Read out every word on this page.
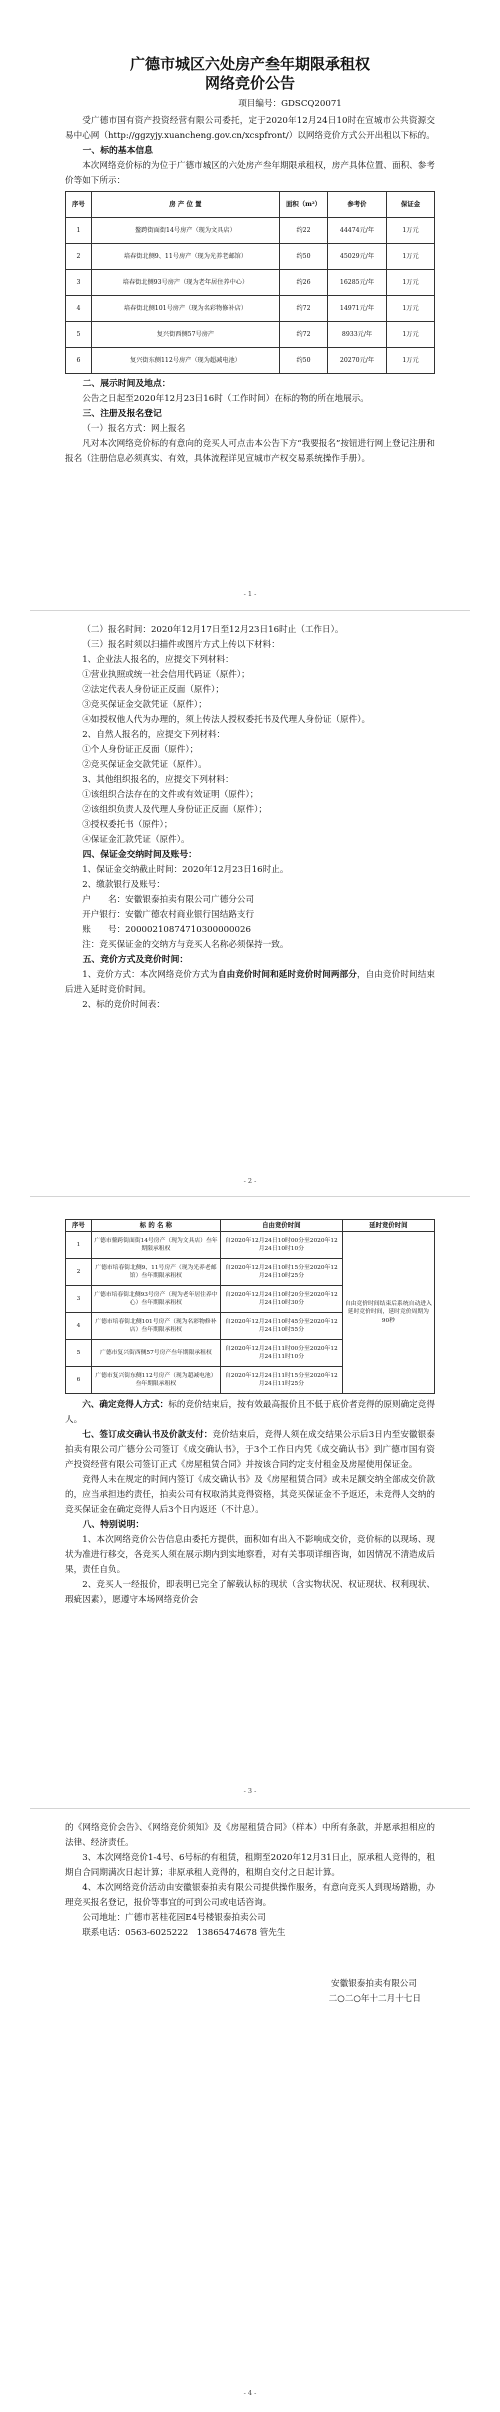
广德市城区六处房产叁年期限承租权

网络竞价公告

项目编号：GDSCQ20071

受广德市国有资产投资经营有限公司委托，定于2020年12月24日10时在宣城市公共资源交易中心网（http://ggzyjy.xuancheng.gov.cn/xcspfront/）以网络竞价方式公开出租以下标的。

一、标的基本信息

本次网络竞价标的为位于广德市城区的六处房产叁年期限承租权，房产具体位置、面积、参考价等如下所示：

序号	房 产 位 置	面积（m²）	参考价	保证金
1	鳌跨街面街14号房产（现为文具店）	约22	44474元/年	1万元
2	培春街北侧9、11号房产（现为光养老邮馆）	约50	45029元/年	1万元
3	培春街北侧93号房产（现为老年居住养中心）	约26	16285元/年	1万元
4	培春街北侧101号房产（现为名彩物修补店）	约72	14971元/年	1万元
5	复兴街西侧57号房产	约72	8933元/年	1万元
6	复兴街东侧112号房产（现为超减电池）	约50	20270元/年	1万元

二、展示时间及地点：

公告之日起至2020年12月23日16时（工作时间）在标的物的所在地展示。

三、注册及报名登记

（一）报名方式：网上报名

凡对本次网络竞价标的有意向的竞买人可点击本公告下方“我要报名”按钮进行网上登记注册和报名（注册信息必须真实、有效，具体流程详见宣城市产权交易系统操作手册）。

- 1 -

（二）报名时间：2020年12月17日至12月23日16时止（工作日）。

（三）报名时须以扫描件或图片方式上传以下材料：

1、企业法人报名的，应提交下列材料：

①营业执照或统一社会信用代码证（原件）；

②法定代表人身份证正反面（原件）；

③竞买保证金交款凭证（原件）；

④如授权他人代为办理的，须上传法人授权委托书及代理人身份证（原件）。

2、自然人报名的，应提交下列材料：

①个人身份证正反面（原件）；

②竞买保证金交款凭证（原件）。

3、其他组织报名的，应提交下列材料：

①该组织合法存在的文件或有效证明（原件）；

②该组织负责人及代理人身份证正反面（原件）；

③授权委托书（原件）；

④保证金汇款凭证（原件）。

四、保证金交纳时间及账号：

1、保证金交纳截止时间：2020年12月23日16时止。

2、缴款银行及账号：

户　　名：安徽银泰拍卖有限公司广德分公司

开户银行：安徽广德农村商业银行国结路支行

账　　号：20000210874710300000026

注：竞买保证金的交纳方与竞买人名称必须保持一致。

五、竞价方式及竞价时间：

1、竞价方式：本次网络竞价方式为自由竞价时间和延时竞价时间两部分，自由竞价时间结束后进入延时竞价时间。

2、标的竞价时间表：

- 2 -
序号	标 的 名 称	自由竞价时间	延时竞价时间
1	广德市鳌跨街面街14号房产（现为文具店）叁年期限承租权	自2020年12月24日10时00分至2020年12月24日10时10分	自由竞价时间结束后系统自动进入延时竞价时间，延时竞价周期为90秒
2	广德市培春街北侧9、11号房产（现为光养老邮馆）叁年期限承租权	自2020年12月24日10时15分至2020年12月24日10时25分	
3	广德市培春街北侧93号房产（现为老年居住养中心）叁年期限承租权	自2020年12月24日10时20分至2020年12月24日10时30分	
4	广德市培春街北侧101号房产（现为名彩物修补店）叁年期限承租权	自2020年12月24日10时45分至2020年12月24日10时55分	
5	广德市复兴街西侧57号房产叁年期限承租权	自2020年12月24日11时00分至2020年12月24日11时10分	
6	广德市复兴街东侧112号房产（现为超减电池）叁年期限承租权	自2020年12月24日11时15分至2020年12月24日11时25分	

六、确定竞得人方式：标的竞价结束后，按有效最高报价且不低于底价者竞得的原则确定竞得人。

七、签订成交确认书及价款支付：竞价结束后，竞得人须在成交结果公示后3日内至安徽银泰拍卖有限公司广德分公司签订《成交确认书》，于3个工作日内凭《成交确认书》到广德市国有资产投资经营有限公司签订正式《房屋租赁合同》并按该合同约定支付租金及房屋使用保证金。

竞得人未在规定的时间内签订《成交确认书》及《房屋租赁合同》或未足额交纳全部成交价款的，应当承担违约责任，拍卖公司有权取消其竞得资格，其竞买保证金不予返还，未竞得人交纳的竞买保证金在确定竞得人后3个日内返还（不计息）。

八、特别说明：

1、本次网络竞价公告信息由委托方提供，面积如有出入不影响成交价，竞价标的以现场、现状为准进行移交，各竞买人须在展示期内到实地察看，对有关事项详细咨询，如因情况不清造成后果，责任自负。

2、竞买人一经报价，即表明已完全了解载认标的现状（含实物状况、权证现状、权利现状、瑕疵因素），愿遵守本场网络竞价会

- 3 -

的《网络竞价会告》、《网络竞价须知》及《房屋租赁合同》（样本）中所有条款，并愿承担相应的法律、经济责任。

3、本次网络竞价1-4号、6号标的有租赁，租期至2020年12月31日止，原承租人竞得的，租期自合同期满次日起计算；非原承租人竞得的，租期自交付之日起计算。

4、本次网络竞价活动由安徽银泰拍卖有限公司提供操作服务，有意向竞买人到现场踏勘，办理竞买报名登记，报价等事宜的可到公司或电话咨询。

公司地址：广德市茗桂花园E4号楼银泰拍卖公司

联系电话：0563-6025222　13865474678 管先生

安徽银泰拍卖有限公司

二○二○年十二月十七日

- 4 -
